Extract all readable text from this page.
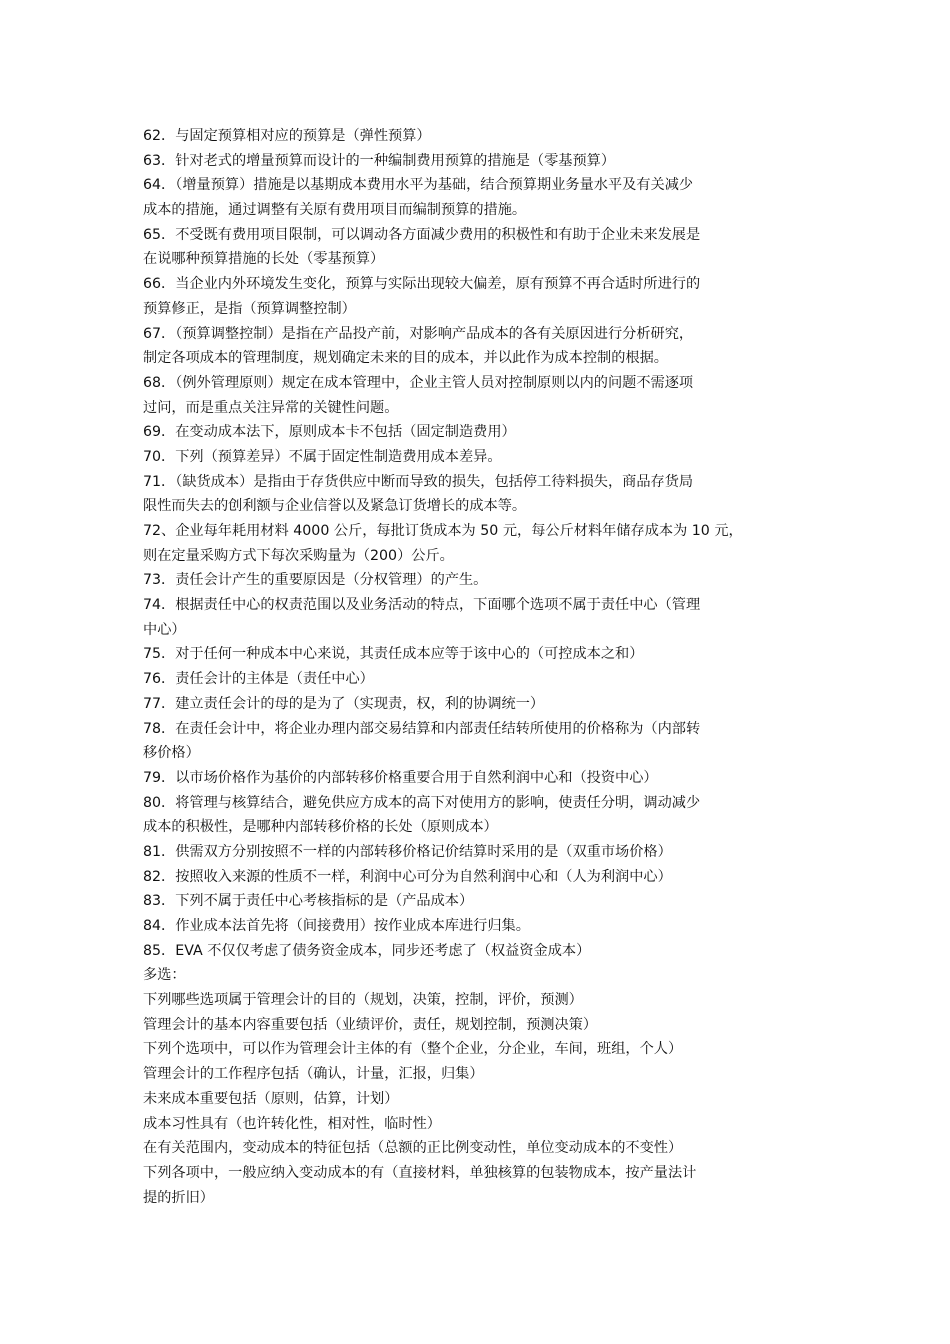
62．与固定预算相对应的预算是（弹性预算）
63．针对老式的增量预算而设计的一种编制费用预算的措施是（零基预算）
64．（增量预算）措施是以基期成本费用水平为基础，结合预算期业务量水平及有关减少
成本的措施，通过调整有关原有费用项目而编制预算的措施。
65．不受既有费用项目限制，可以调动各方面减少费用的积极性和有助于企业未来发展是
在说哪种预算措施的长处（零基预算）
66．当企业内外环境发生变化，预算与实际出现较大偏差，原有预算不再合适时所进行的
预算修正，是指（预算调整控制）
67．（预算调整控制）是指在产品投产前，对影响产品成本的各有关原因进行分析研究，
制定各项成本的管理制度，规划确定未来的目的成本，并以此作为成本控制的根据。
68．（例外管理原则）规定在成本管理中，企业主管人员对控制原则以内的问题不需逐项
过问，而是重点关注异常的关键性问题。
69．在变动成本法下，原则成本卡不包括（固定制造费用）
70．下列（预算差异）不属于固定性制造费用成本差异。
71．（缺货成本）是指由于存货供应中断而导致的损失，包括停工待料损失，商品存货局
限性而失去的创利额与企业信誉以及紧急订货增长的成本等。
72、企业每年耗用材料 4000 公斤，每批订货成本为 50 元，每公斤材料年储存成本为 10 元，
则在定量采购方式下每次采购量为（200）公斤。
73．责任会计产生的重要原因是（分权管理）的产生。
74．根据责任中心的权责范围以及业务活动的特点，下面哪个选项不属于责任中心（管理
中心）
75．对于任何一种成本中心来说，其责任成本应等于该中心的（可控成本之和）
76．责任会计的主体是（责任中心）
77．建立责任会计的母的是为了（实现责，权，利的协调统一）
78．在责任会计中，将企业办理内部交易结算和内部责任结转所使用的价格称为（内部转
移价格）
79．以市场价格作为基价的内部转移价格重要合用于自然利润中心和（投资中心）
80．将管理与核算结合，避免供应方成本的高下对使用方的影响，使责任分明，调动减少
成本的积极性，是哪种内部转移价格的长处（原则成本）
81．供需双方分别按照不一样的内部转移价格记价结算时采用的是（双重市场价格）
82．按照收入来源的性质不一样，利润中心可分为自然利润中心和（人为利润中心）
83．下列不属于责任中心考核指标的是（产品成本）
84．作业成本法首先将（间接费用）按作业成本库进行归集。
85．EVA 不仅仅考虑了债务资金成本，同步还考虑了（权益资金成本）
多选：
下列哪些选项属于管理会计的目的（规划，决策，控制，评价，预测）
管理会计的基本内容重要包括（业绩评价，责任，规划控制，预测决策）
下列个选项中，可以作为管理会计主体的有（整个企业，分企业，车间，班组，个人）
管理会计的工作程序包括（确认，计量，汇报，归集）
未来成本重要包括（原则，估算，计划）
成本习性具有（也许转化性，相对性，临时性）
在有关范围内，变动成本的特征包括（总额的正比例变动性，单位变动成本的不变性）
下列各项中，一般应纳入变动成本的有（直接材料，单独核算的包装物成本，按产量法计
提的折旧）
